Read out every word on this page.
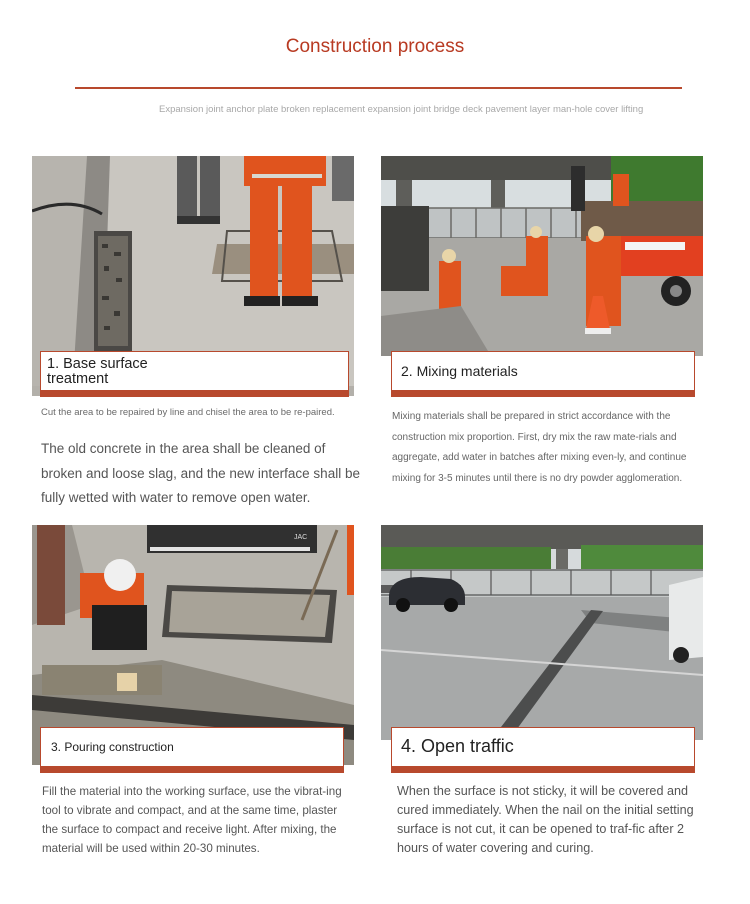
Construction process
Expansion joint anchor plate broken replacement expansion joint bridge deck pavement layer man-hole cover lifting
1. Base surface
treatment
Cut the area to be repaired by line and chisel the area to be re-paired.
The old concrete in the area shall be cleaned of broken and loose slag, and the new interface shall be fully wetted with water to remove open water.
2. Mixing materials
Mixing materials shall be prepared in strict accordance with the construction mix proportion. First, dry mix the raw mate-rials and aggregate, add water in batches after mixing even-ly, and continue mixing for 3-5 minutes until there is no dry powder agglomeration.
JAC
3. Pouring construction
Fill the material into the working surface, use the vibrat-ing tool to vibrate and compact, and at the same time, plaster the surface to compact and receive light. After mixing, the material will be used within 20-30 minutes.
4. Open traffic
When the surface is not sticky, it will be covered and cured immediately. When the nail on the initial setting surface is not cut, it can be opened to traf-fic after 2 hours of water covering and curing.
